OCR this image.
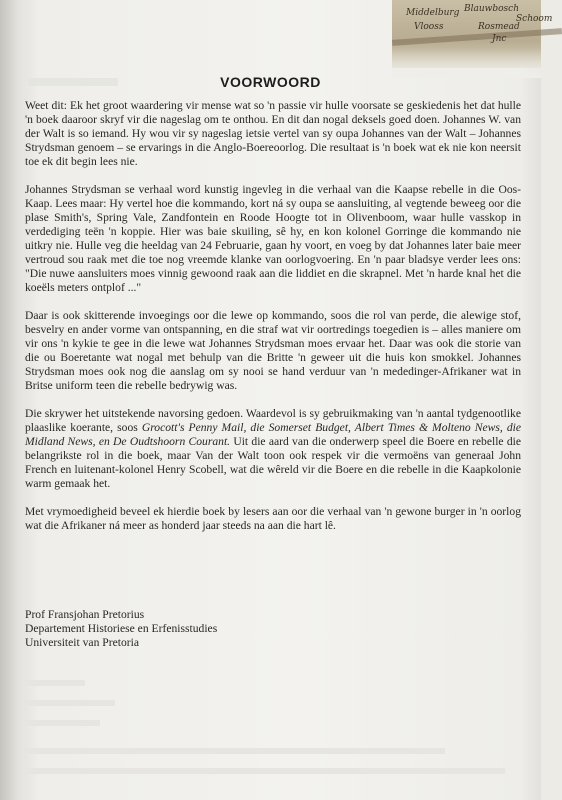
Middelburg Blauwbosch
Schoom
Vlooss	Rosmead
Jnc
VOORWOORD

Weet dit: Ek het groot waardering vir mense wat so 'n passie vir hulle voorsate se geskiedenis het dat hulle 'n boek daaroor skryf vir die nageslag om te onthou. En dit dan nogal deksels goed doen. Johannes W. van der Walt is so iemand. Hy wou vir sy nageslag ietsie vertel van sy oupa Johannes van der Walt – Johannes Strydsman genoem – se ervarings in die Anglo-Boereoorlog. Die resultaat is 'n boek wat ek nie kon neersit toe ek dit begin lees nie.

Johannes Strydsman se verhaal word kunstig ingevleg in die verhaal van die Kaapse rebelle in die Oos-Kaap. Lees maar: Hy vertel hoe die kommando, kort ná sy oupa se aansluiting, al vegtende beweeg oor die plase Smith's, Spring Vale, Zandfontein en Roode Hoogte tot in Olivenboom, waar hulle vasskop in verdediging teën 'n koppie. Hier was baie skuiling, sê hy, en kon kolonel Gorringe die kommando nie uitkry nie. Hulle veg die heeldag van 24 Februarie, gaan hy voort, en voeg by dat Johannes later baie meer vertroud sou raak met die toe nog vreemde klanke van oorlogvoering. En 'n paar bladsye verder lees ons: "Die nuwe aansluiters moes vinnig gewoond raak aan die liddiet en die skrapnel. Met 'n harde knal het die koeëls meters ontplof ..."

Daar is ook skitterende invoegings oor die lewe op kommando, soos die rol van perde, die alewige stof, besvelry en ander vorme van ontspanning, en die straf wat vir oortredings toegedien is – alles maniere om vir ons 'n kykie te gee in die lewe wat Johannes Strydsman moes ervaar het. Daar was ook die storie van die ou Boeretante wat nogal met behulp van die Britte 'n geweer uit die huis kon smokkel. Johannes Strydsman moes ook nog die aanslag om sy nooi se hand verduur van 'n mededinger-Afrikaner wat in Britse uniform teen die rebelle bedrywig was.

Die skrywer het uitstekende navorsing gedoen. Waardevol is sy gebruikmaking van 'n aantal tydgenootlike plaaslike koerante, soos Grocott's Penny Mail, die Somerset Budget, Albert Times & Molteno News, die Midland News, en De Oudtshoorn Courant. Uit die aard van die onderwerp speel die Boere en rebelle die belangrikste rol in die boek, maar Van der Walt toon ook respek vir die vermoëns van generaal John French en luitenant-kolonel Henry Scobell, wat die wêreld vir die Boere en die rebelle in die Kaapkolonie warm gemaak het.

Met vrymoedigheid beveel ek hierdie boek by lesers aan oor die verhaal van 'n gewone burger in 'n oorlog wat die Afrikaner ná meer as honderd jaar steeds na aan die hart lê.

Prof Fransjohan Pretorius
Departement Historiese en Erfenisstudies
Universiteit van Pretoria
